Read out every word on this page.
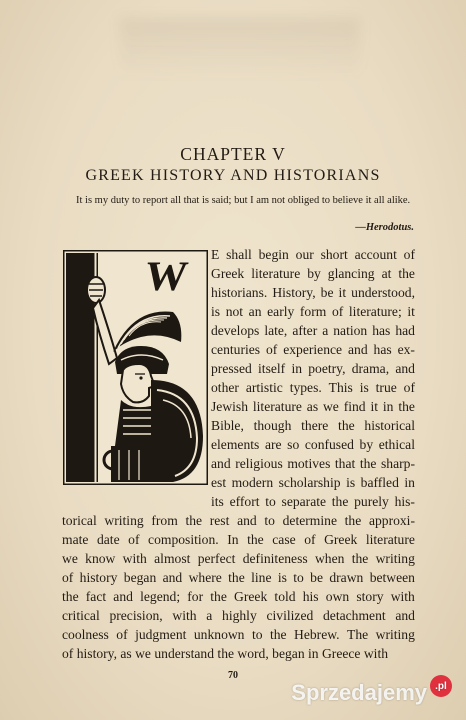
CHAPTER V
GREEK HISTORY AND HISTORIANS
It is my duty to report all that is said; but I am not obliged to believe it all alike.
—Herodotus.
W E shall begin our short account of
Greek literature by glancing at the
historians. History, be it understood,
is not an early form of literature; it
develops late, after a nation has had
centuries of experience and has ex-
pressed itself in poetry, drama, and
other artistic types. This is true of
Jewish literature as we find it in the
Bible, though there the historical
elements are so confused by ethical
and religious motives that the sharp-
est modern scholarship is baffled in
its effort to separate the purely his-
torical writing from the rest and to determine the approxi-
mate date of composition. In the case of Greek literature
we know with almost perfect definiteness when the writing
of history began and where the line is to be drawn between
the fact and legend; for the Greek told his own story with
critical precision, with a highly civilized detachment and
coolness of judgment unknown to the Hebrew. The writing
of history, as we understand the word, began in Greece with
70
Sprzedajemy .pl
